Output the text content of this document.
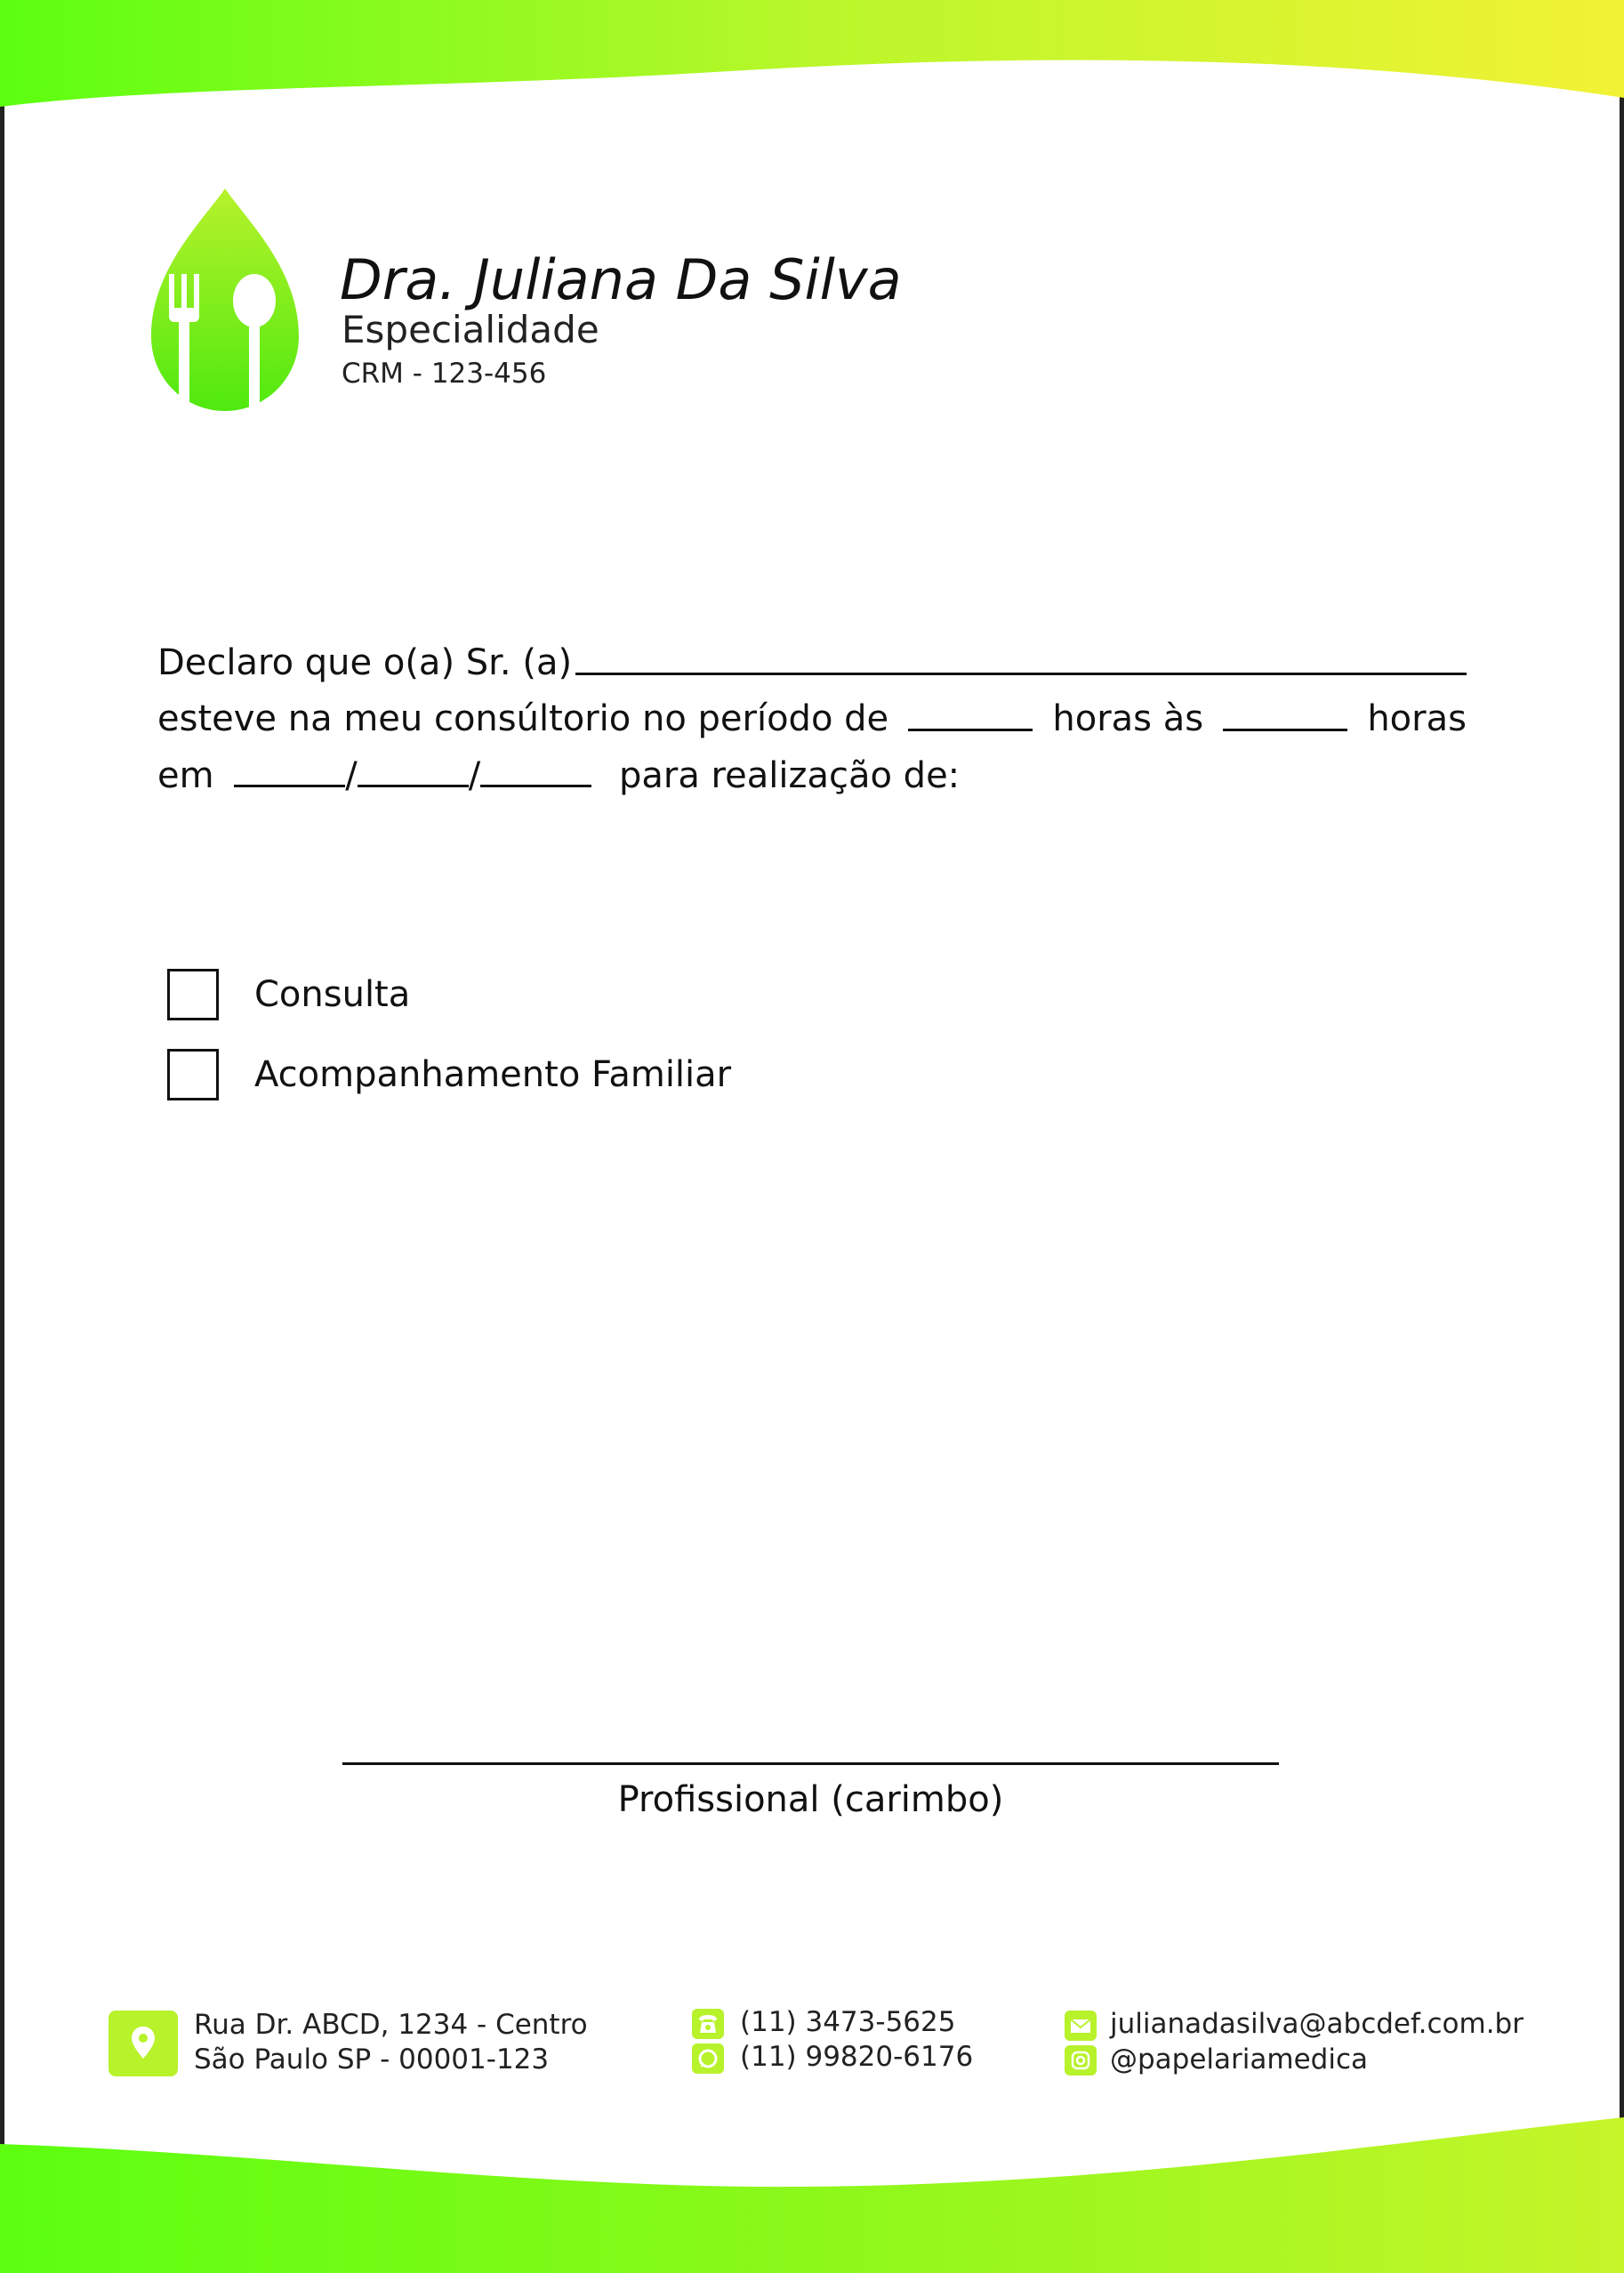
Dra. Juliana Da Silva
Especialidade
CRM - 123-456
Declaro que o(a) Sr. (a)
esteve na meu consúltorio no período de	horas às	horas
em	/	/	para realização de:
Consulta
Acompanhamento Familiar
Profissional (carimbo)
Rua Dr. ABCD, 1234 - Centro
São Paulo SP - 00001-123
(11) 3473-5625
(11) 99820-6176
julianadasilva@abcdef.com.br
@papelariamedica
